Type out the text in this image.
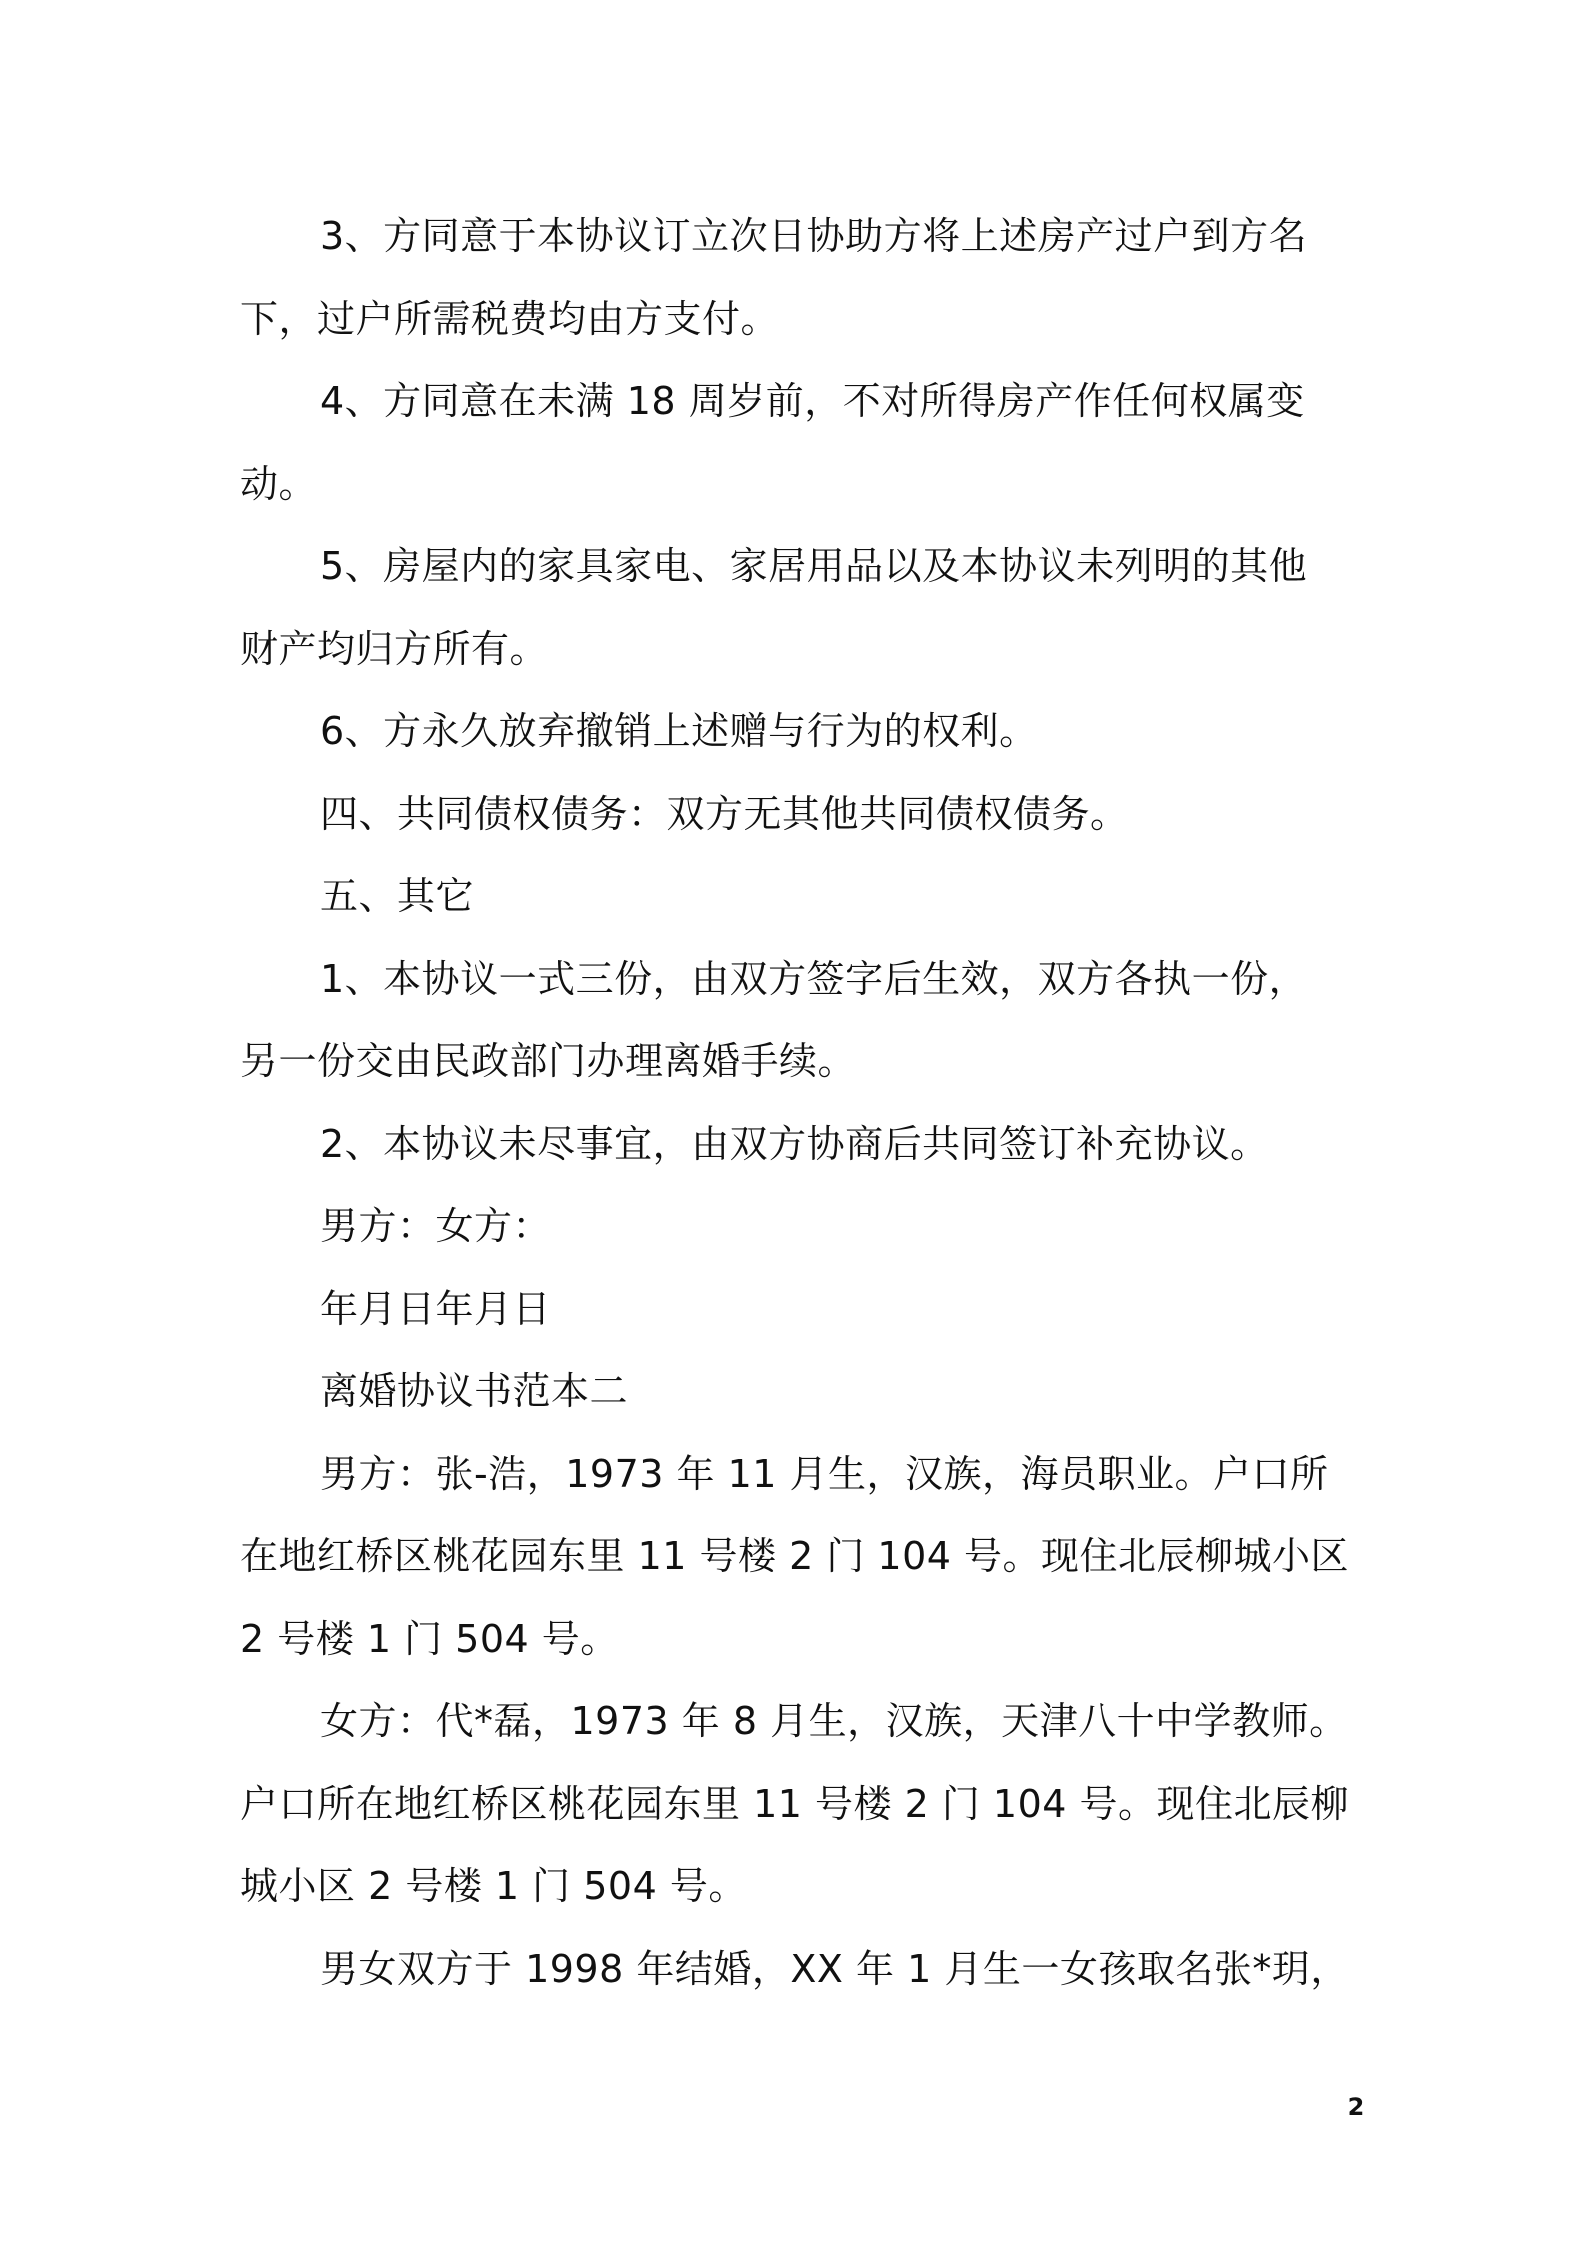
3、方同意于本协议订立次日协助方将上述房产过户到方名
下，过户所需税费均由方支付。
4、方同意在未满 18 周岁前，不对所得房产作任何权属变
动。
5、房屋内的家具家电、家居用品以及本协议未列明的其他
财产均归方所有。
6、方永久放弃撤销上述赠与行为的权利。
四、共同债权债务：双方无其他共同债权债务。
五、其它
1、本协议一式三份，由双方签字后生效，双方各执一份，
另一份交由民政部门办理离婚手续。
2、本协议未尽事宜，由双方协商后共同签订补充协议。
男方：女方：
年月日年月日
离婚协议书范本二
男方：张-浩，1973 年 11 月生，汉族，海员职业。户口所
在地红桥区桃花园东里 11 号楼 2 门 104 号。现住北辰柳城小区
2 号楼 1 门 504 号。
女方：代*磊，1973 年 8 月生，汉族，天津八十中学教师。
户口所在地红桥区桃花园东里 11 号楼 2 门 104 号。现住北辰柳
城小区 2 号楼 1 门 504 号。
男女双方于 1998 年结婚，XX 年 1 月生一女孩取名张*玥，
2
